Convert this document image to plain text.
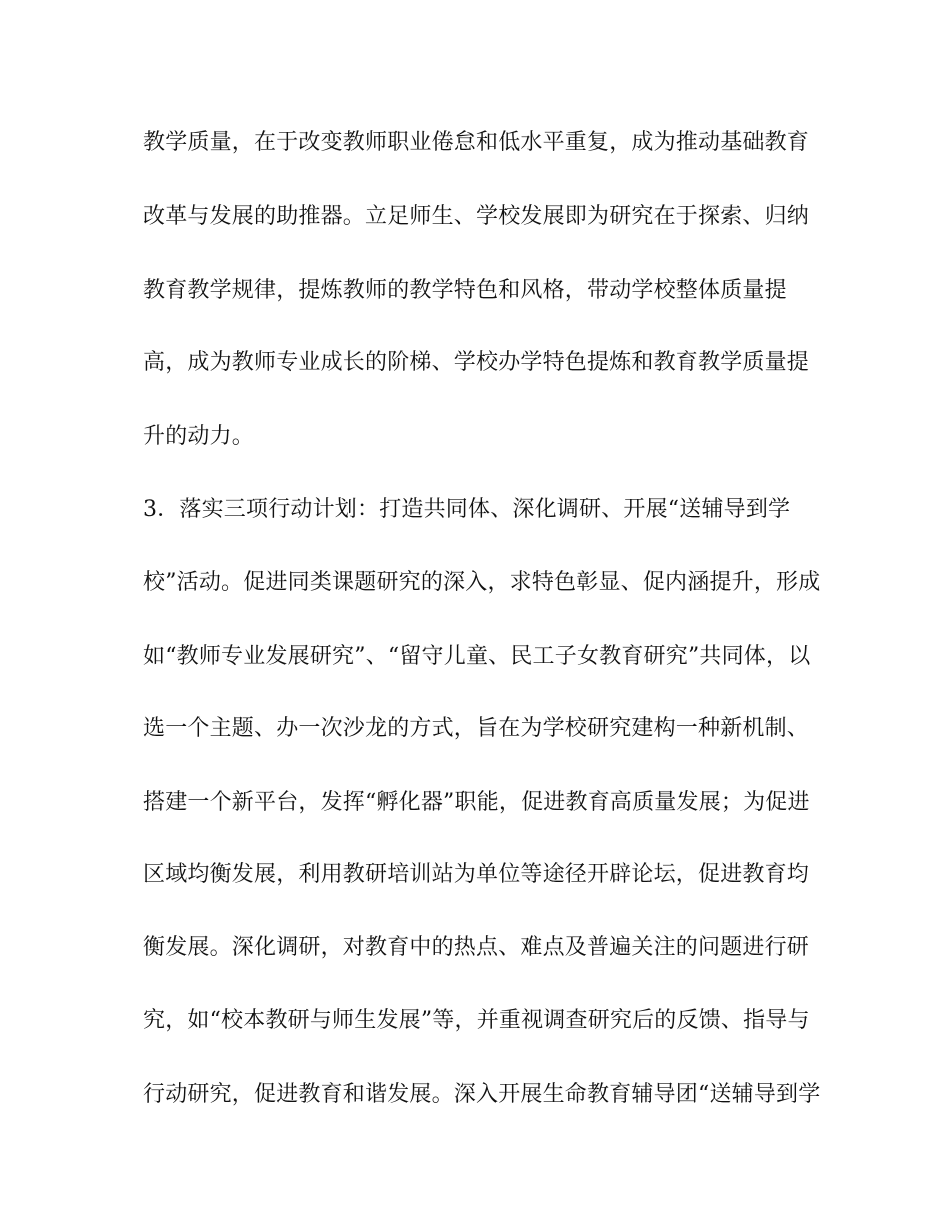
教学质量，在于改变教师职业倦怠和低水平重复，成为推动基础教育
改革与发展的助推器。立足师生、学校发展即为研究在于探索、归纳
教育教学规律，提炼教师的教学特色和风格，带动学校整体质量提
高，成为教师专业成长的阶梯、学校办学特色提炼和教育教学质量提
升的动力。
3．落实三项行动计划：打造共同体、深化调研、开展“送辅导到学
校”活动。促进同类课题研究的深入，求特色彰显、促内涵提升，形成
如“教师专业发展研究”、“留守儿童、民工子女教育研究”共同体，以
选一个主题、办一次沙龙的方式，旨在为学校研究建构一种新机制、
搭建一个新平台，发挥“孵化器”职能，促进教育高质量发展；为促进
区域均衡发展，利用教研培训站为单位等途径开辟论坛，促进教育均
衡发展。深化调研，对教育中的热点、难点及普遍关注的问题进行研
究，如“校本教研与师生发展”等，并重视调查研究后的反馈、指导与
行动研究，促进教育和谐发展。深入开展生命教育辅导团“送辅导到学
